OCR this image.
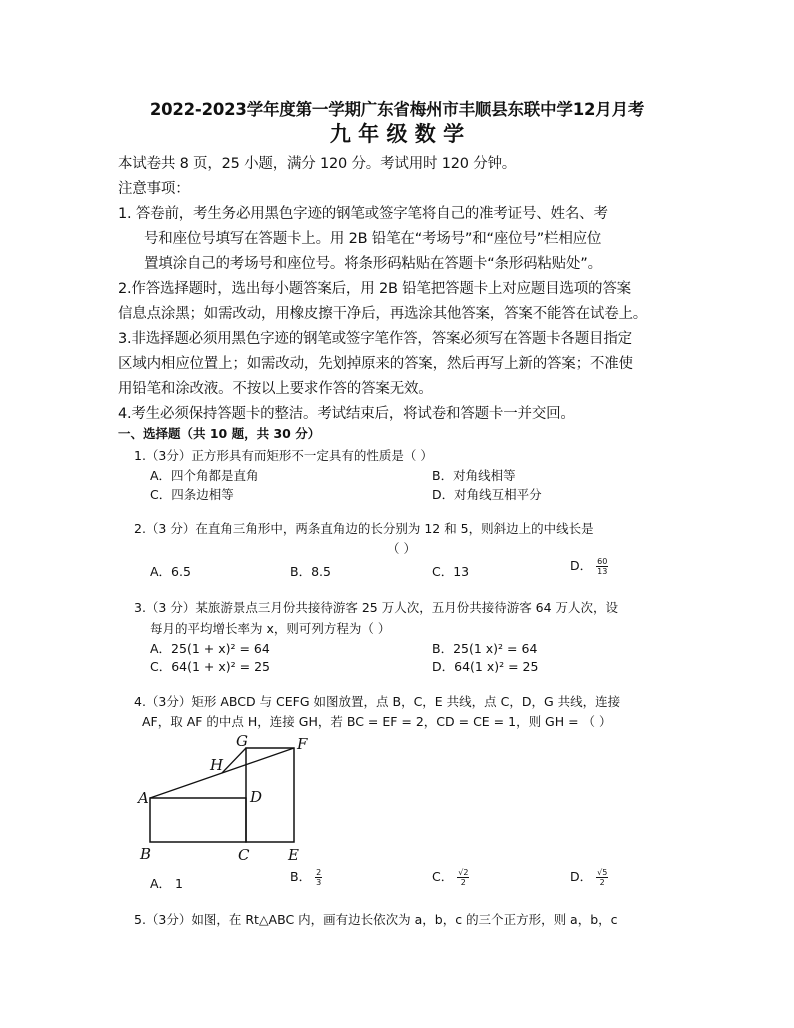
2022-2023学年度第一学期广东省梅州市丰顺县东联中学12月月考
九 年 级 数 学
本试卷共 8 页，25 小题，满分 120 分。考试用时 120 分钟。
注意事项：
1. 答卷前，考生务必用黑色字迹的钢笔或签字笔将自己的准考证号、姓名、考
号和座位号填写在答题卡上。用 2B 铅笔在“考场号”和“座位号”栏相应位
置填涂自己的考场号和座位号。将条形码粘贴在答题卡“条形码粘贴处”。
2.作答选择题时，选出每小题答案后，用 2B 铅笔把答题卡上对应题目选项的答案
信息点涂黑；如需改动，用橡皮擦干净后，再选涂其他答案，答案不能答在试卷上。
3.非选择题必须用黑色字迹的钢笔或签字笔作答，答案必须写在答题卡各题目指定
区域内相应位置上；如需改动，先划掉原来的答案，然后再写上新的答案；不准使
用铅笔和涂改液。不按以上要求作答的答案无效。
4.考生必须保持答题卡的整洁。考试结束后，将试卷和答题卡一并交回。
一、选择题（共 10 题，共 30 分）
1.（3分）正方形具有而矩形不一定具有的性质是（ ）
A．四个角都是直角	B．对角线相等
C．四条边相等	D．对角线互相平分
2.（3 分）在直角三角形中，两条直角边的长分别为 12 和 5，则斜边上的中线长是
（ ）
A．6.5	B．8.5	C．13	D． $\frac{60}{13}$
3.（3 分）某旅游景点三月份共接待游客 25 万人次，五月份共接待游客 64 万人次，设
每月的平均增长率为 x，则可列方程为（ ）
A．25(1 + x)² = 64	B．25(1 x)² = 64
C．64(1 + x)² = 25	D．64(1 x)² = 25
4.（3分）矩形 ABCD 与 CEFG 如图放置，点 B，C，E 共线，点 C，D，G 共线，连接
AF，取 AF 的中点 H，连接 GH，若 BC = EF = 2，CD = CE = 1，则 GH = （ ）
G	F
H
A	D
B	C	E
A． 1	B． $\frac{2}{3}$	C． $\frac{√2}{2}$	D． $\frac{√5}{2}$
5.（3分）如图，在 Rt△ABC 内，画有边长依次为 a，b，c 的三个正方形，则 a，b，c
